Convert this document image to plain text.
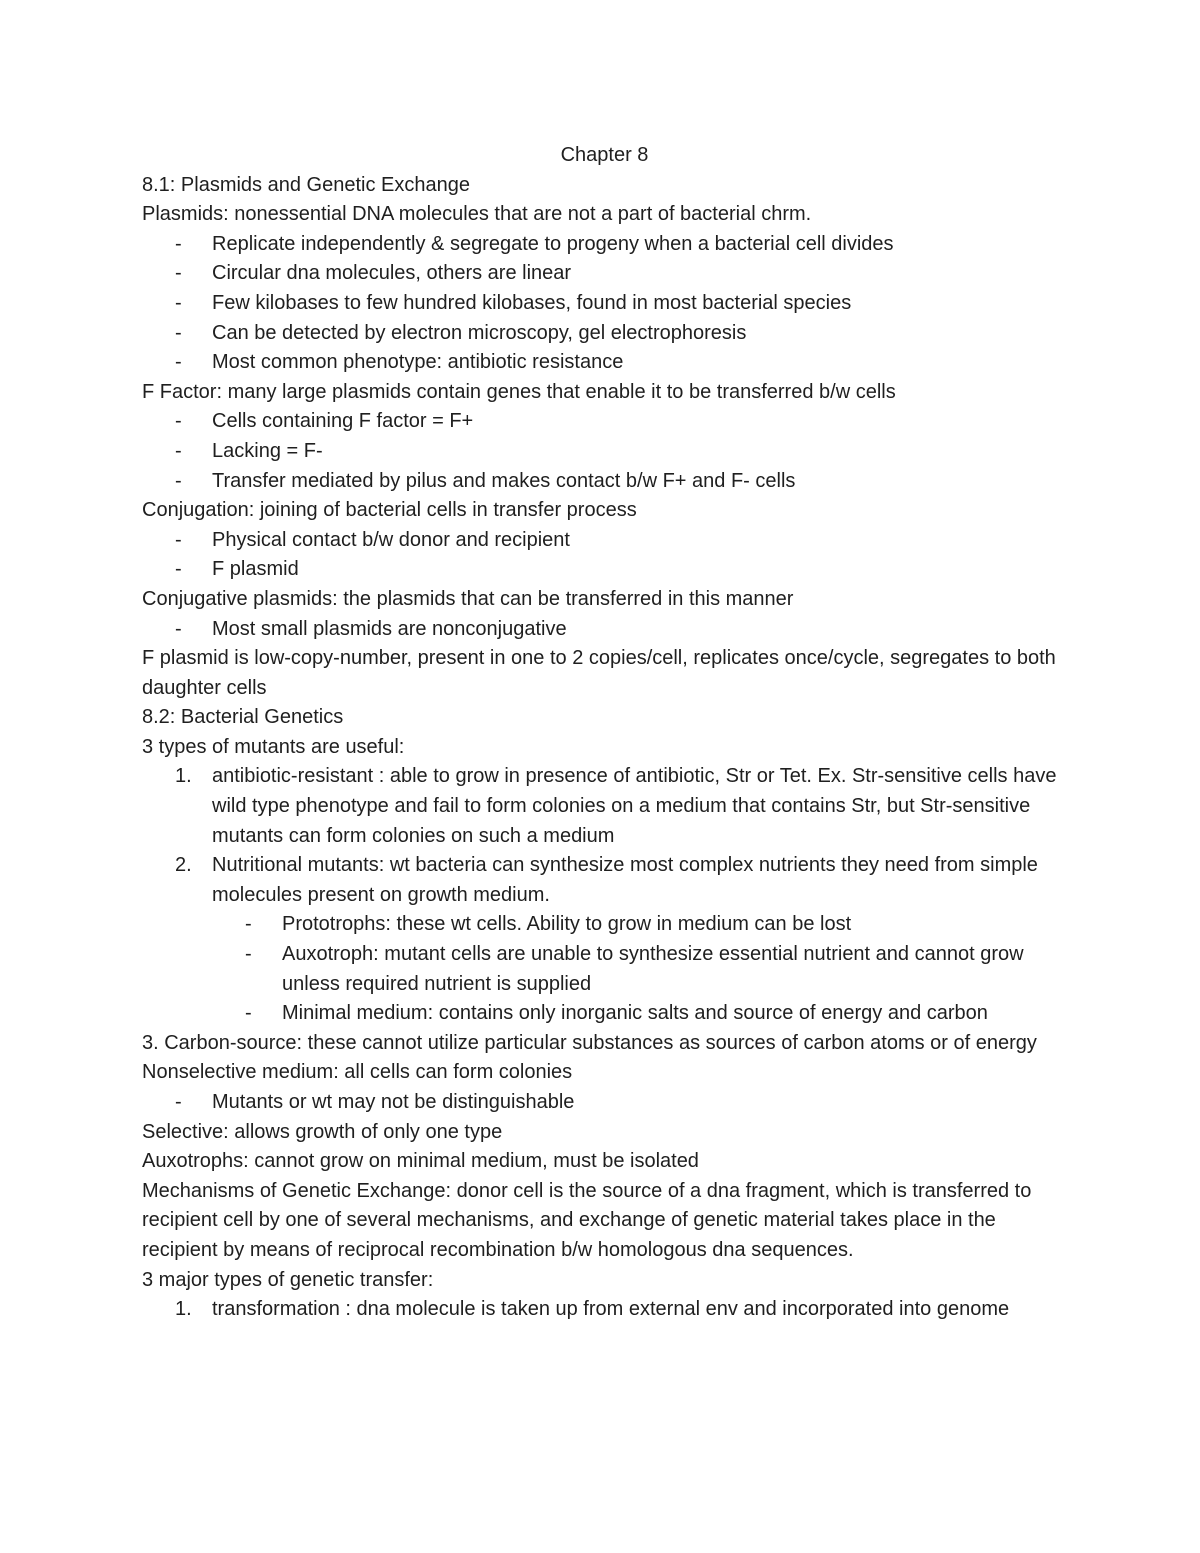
Chapter 8

8.1: Plasmids and Genetic Exchange
Plasmids: nonessential DNA molecules that are not a part of bacterial chrm.
- Replicate independently & segregate to progeny when a bacterial cell divides
- Circular dna molecules, others are linear
- Few kilobases to few hundred kilobases, found in most bacterial species
- Can be detected by electron microscopy, gel electrophoresis
- Most common phenotype: antibiotic resistance
F Factor: many large plasmids contain genes that enable it to be transferred b/w cells
- Cells containing F factor = F+
- Lacking = F-
- Transfer mediated by pilus and makes contact b/w F+ and F- cells
Conjugation: joining of bacterial cells in transfer process
- Physical contact b/w donor and recipient
- F plasmid
Conjugative plasmids: the plasmids that can be transferred in this manner
- Most small plasmids are nonconjugative
F plasmid is low-copy-number, present in one to 2 copies/cell, replicates once/cycle, segregates to both daughter cells
8.2: Bacterial Genetics
3 types of mutants are useful:
1. antibiotic-resistant : able to grow in presence of antibiotic, Str or Tet. Ex. Str-sensitive cells have wild type phenotype and fail to form colonies on a medium that contains Str, but Str-sensitive mutants can form colonies on such a medium
2. Nutritional mutants: wt bacteria can synthesize most complex nutrients they need from simple molecules present on growth medium.
- Prototrophs: these wt cells. Ability to grow in medium can be lost
- Auxotroph: mutant cells are unable to synthesize essential nutrient and cannot grow unless required nutrient is supplied
- Minimal medium: contains only inorganic salts and source of energy and carbon
3. Carbon-source: these cannot utilize particular substances as sources of carbon atoms or of energy
Nonselective medium: all cells can form colonies
- Mutants or wt may not be distinguishable
Selective: allows growth of only one type
Auxotrophs: cannot grow on minimal medium, must be isolated
Mechanisms of Genetic Exchange: donor cell is the source of a dna fragment, which is transferred to recipient cell by one of several mechanisms, and exchange of genetic material takes place in the recipient by means of reciprocal recombination b/w homologous dna sequences.
3 major types of genetic transfer:
1. transformation : dna molecule is taken up from external env and incorporated into genome
